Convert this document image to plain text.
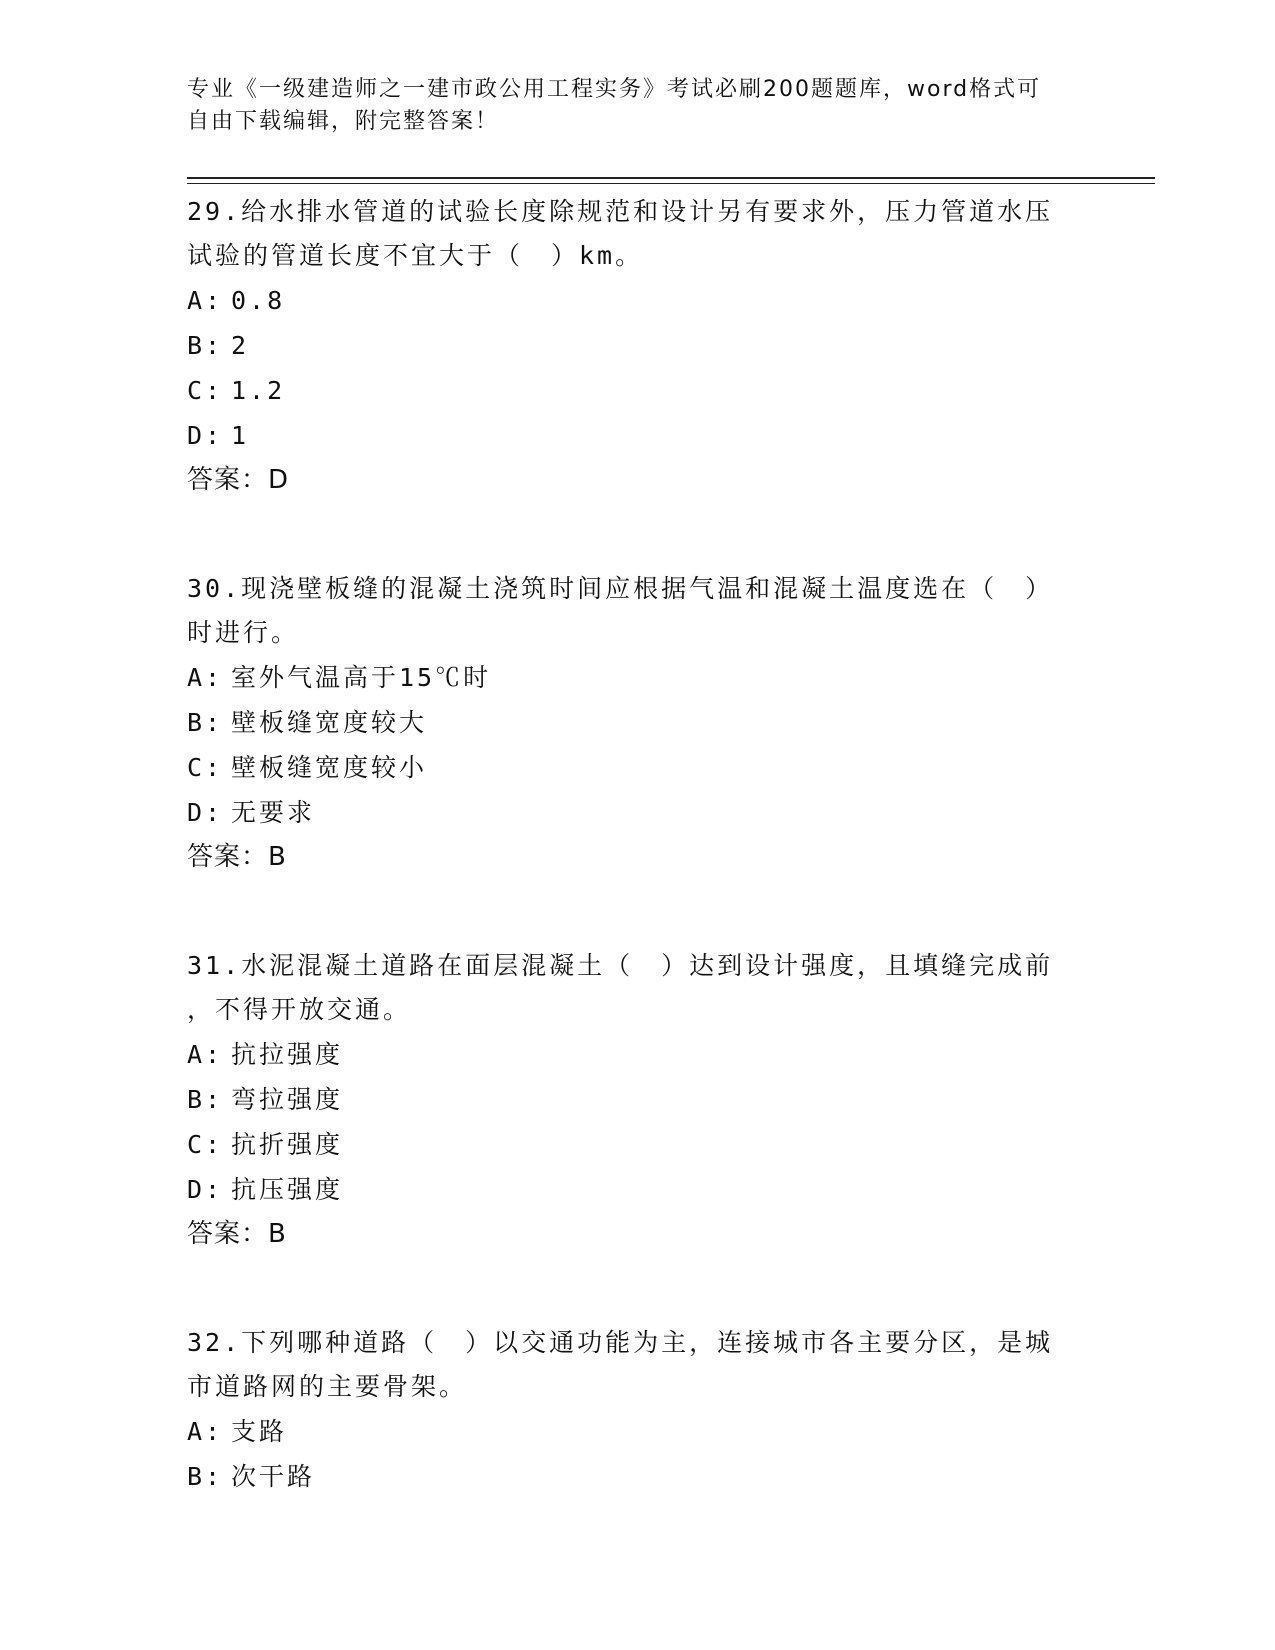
专业《一级建造师之一建市政公用工程实务》考试必刷200题题库，word格式可
自由下载编辑，附完整答案！

29.给水排水管道的试验长度除规范和设计另有要求外，压力管道水压
试验的管道长度不宜大于（　）km。

A: 0.8

B: 2

C: 1.2

D: 1

答案：D

30.现浇壁板缝的混凝土浇筑时间应根据气温和混凝土温度选在（　）
时进行。

A: 室外气温高于15℃时

B: 壁板缝宽度较大

C: 壁板缝宽度较小

D: 无要求

答案：B

31.水泥混凝土道路在面层混凝土（　）达到设计强度，且填缝完成前
，不得开放交通。

A: 抗拉强度

B: 弯拉强度

C: 抗折强度

D: 抗压强度

答案：B

32.下列哪种道路（　）以交通功能为主，连接城市各主要分区，是城
市道路网的主要骨架。

A: 支路

B: 次干路
